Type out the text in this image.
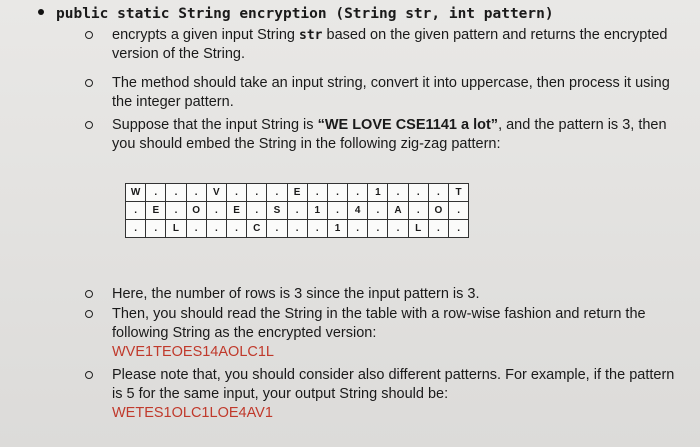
public static String encryption (String str, int pattern)
encrypts a given input String str based on the given pattern and returns the encrypted version of the String.
The method should take an input string, convert it into uppercase, then process it using the integer pattern.
Suppose that the input String is “WE LOVE CSE1141 a lot”, and the pattern is 3, then you should embed the String in the following zig-zag pattern:
W	.	.	.	V	.	.	.	E	.	.	.	1	.	.	.	T
.	E	.	O	.	E	.	S	.	1	.	4	.	A	.	O	.
.	.	L	.	.	.	C	.	.	.	1	.	.	.	L	.	.
Here, the number of rows is 3 since the input pattern is 3.
Then, you should read the String in the table with a row-wise fashion and return the following String as the encrypted version:
WVE1TEOES14AOLC1L
Please note that, you should consider also different patterns. For example, if the pattern is 5 for the same input, your output String should be:
WETES1OLC1LOE4AV1
